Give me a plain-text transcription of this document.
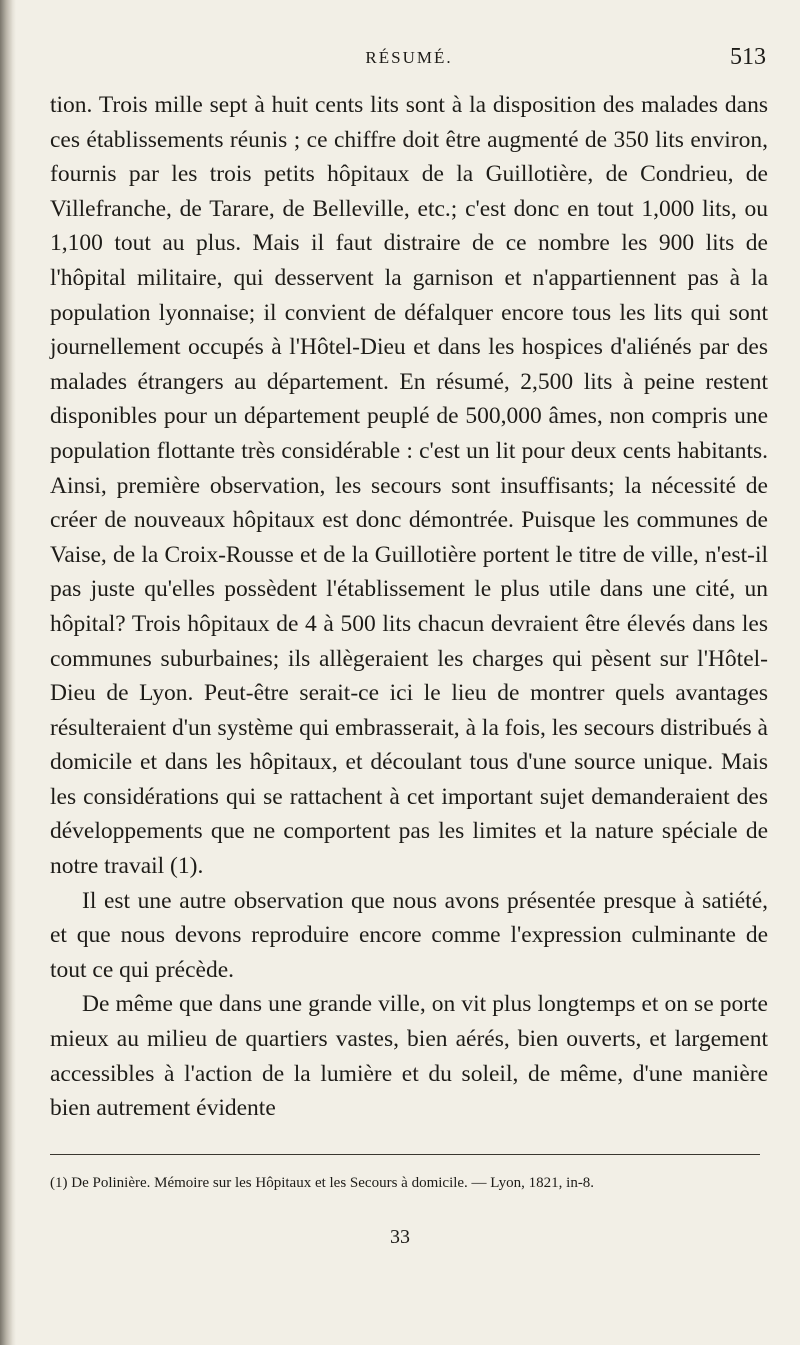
RÉSUMÉ.	513

tion. Trois mille sept à huit cents lits sont à la disposition des malades dans ces établissements réunis ; ce chiffre doit être augmenté de 350 lits environ, fournis par les trois petits hôpitaux de la Guillotière, de Condrieu, de Villefranche, de Tarare, de Belleville, etc.; c'est donc en tout 1,000 lits, ou 1,100 tout au plus. Mais il faut distraire de ce nombre les 900 lits de l'hôpital militaire, qui desservent la garnison et n'appartiennent pas à la population lyonnaise; il convient de défalquer encore tous les lits qui sont journellement occupés à l'Hôtel-Dieu et dans les hospices d'aliénés par des malades étrangers au département. En résumé, 2,500 lits à peine restent disponibles pour un département peuplé de 500,000 âmes, non compris une population flottante très considérable : c'est un lit pour deux cents habitants. Ainsi, première observation, les secours sont insuffisants; la nécessité de créer de nouveaux hôpitaux est donc démontrée. Puisque les communes de Vaise, de la Croix-Rousse et de la Guillotière portent le titre de ville, n'est-il pas juste qu'elles possèdent l'établissement le plus utile dans une cité, un hôpital? Trois hôpitaux de 4 à 500 lits chacun devraient être élevés dans les communes suburbaines; ils allègeraient les charges qui pèsent sur l'Hôtel-Dieu de Lyon. Peut-être serait-ce ici le lieu de montrer quels avantages résulteraient d'un système qui embrasserait, à la fois, les secours distribués à domicile et dans les hôpitaux, et découlant tous d'une source unique. Mais les considérations qui se rattachent à cet important sujet demanderaient des développements que ne comportent pas les limites et la nature spéciale de notre travail (1).

Il est une autre observation que nous avons présentée presque à satiété, et que nous devons reproduire encore comme l'expression culminante de tout ce qui précède.

De même que dans une grande ville, on vit plus longtemps et on se porte mieux au milieu de quartiers vastes, bien aérés, bien ouverts, et largement accessibles à l'action de la lumière et du soleil, de même, d'une manière bien autrement évidente

(1) De Polinière. Mémoire sur les Hôpitaux et les Secours à domicile. — Lyon, 1821, in-8.
33
